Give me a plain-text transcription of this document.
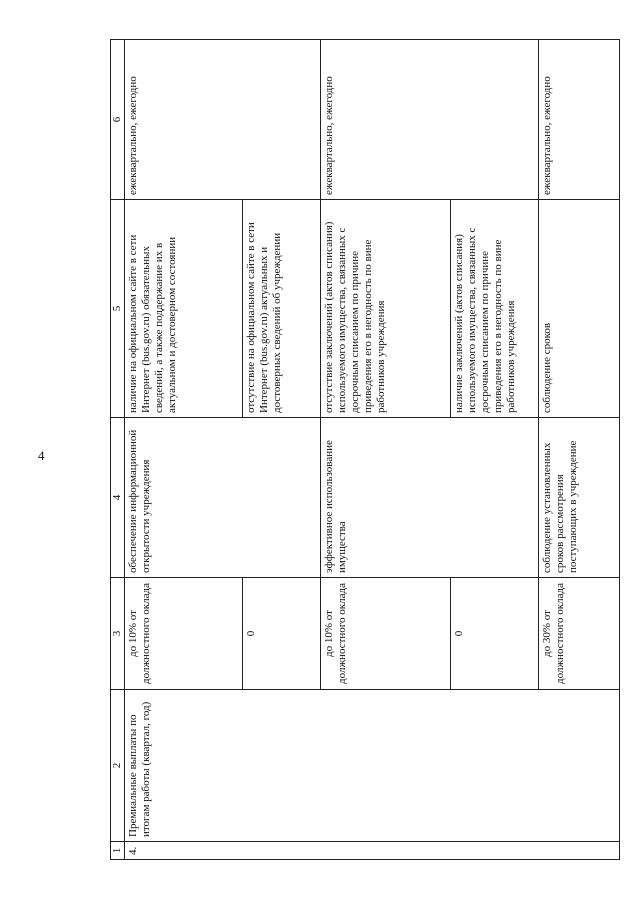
4
1	2	3	4	5	6
4.	Премиальные выплаты по итогам работы (квартал, год)	до 10% от должностного оклада	обеспечение информационной открытости учреждения	наличие на официальном сайте в сети Интернет (bus.gov.ru) обязательных сведений, а также поддержание их в актуальном и достоверном состоянии	ежеквартально, ежегодно
		0		отсутствие на официальном сайте в сети Интернет (bus.gov.ru) актуальных и достоверных сведений об учреждении	
		до 10% от должностного оклада	эффективное использование имущества	отсутствие заключений (актов списания) используемого имущества, связанных с досрочным списанием по причине приведения его в негодность по вине работников учреждения	ежеквартально, ежегодно
		0		наличие заключений (актов списания) используемого имущества, связанных с досрочным списанием по причине приведения его в негодность по вине работников учреждения	
		до 30% от должностного оклада	соблюдение установленных сроков рассмотрения поступающих в учреждение	соблюдение сроков	ежеквартально, ежегодно
